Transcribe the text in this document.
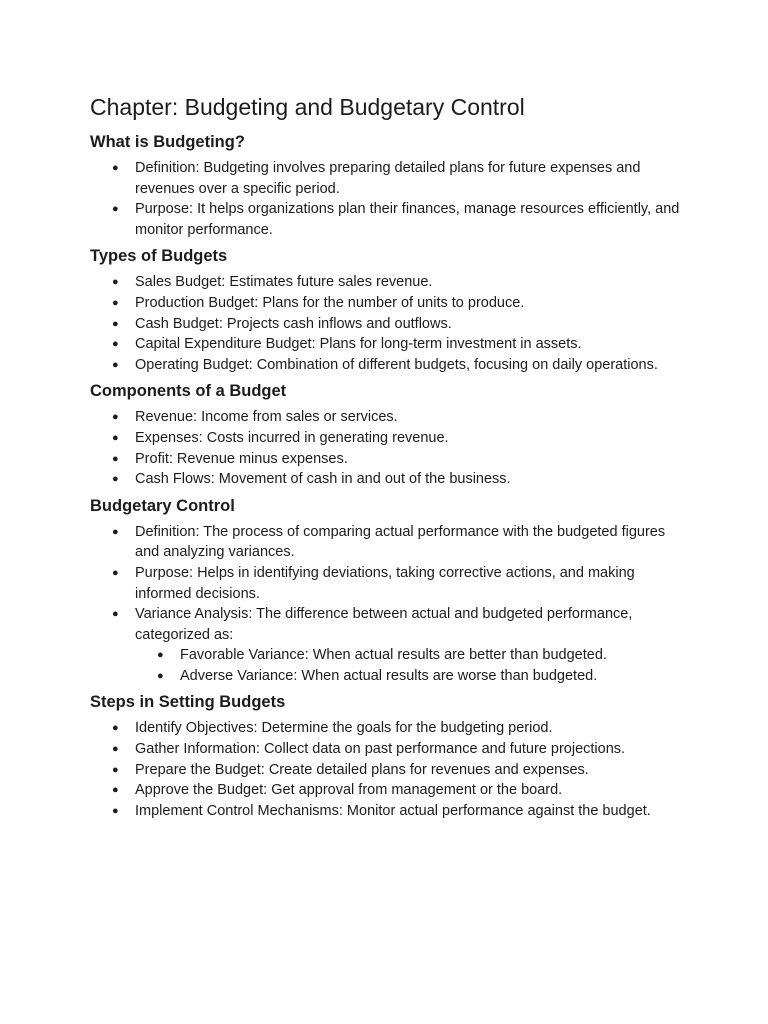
Chapter: Budgeting and Budgetary Control
What is Budgeting?
● Definition: Budgeting involves preparing detailed plans for future expenses and revenues over a specific period.
● Purpose: It helps organizations plan their finances, manage resources efficiently, and monitor performance.
Types of Budgets
● Sales Budget: Estimates future sales revenue.
● Production Budget: Plans for the number of units to produce.
● Cash Budget: Projects cash inflows and outflows.
● Capital Expenditure Budget: Plans for long-term investment in assets.
● Operating Budget: Combination of different budgets, focusing on daily operations.
Components of a Budget
● Revenue: Income from sales or services.
● Expenses: Costs incurred in generating revenue.
● Profit: Revenue minus expenses.
● Cash Flows: Movement of cash in and out of the business.
Budgetary Control
● Definition: The process of comparing actual performance with the budgeted figures and analyzing variances.
● Purpose: Helps in identifying deviations, taking corrective actions, and making informed decisions.
● Variance Analysis: The difference between actual and budgeted performance, categorized as:
● Favorable Variance: When actual results are better than budgeted.
● Adverse Variance: When actual results are worse than budgeted.
Steps in Setting Budgets
● Identify Objectives: Determine the goals for the budgeting period.
● Gather Information: Collect data on past performance and future projections.
● Prepare the Budget: Create detailed plans for revenues and expenses.
● Approve the Budget: Get approval from management or the board.
● Implement Control Mechanisms: Monitor actual performance against the budget.
